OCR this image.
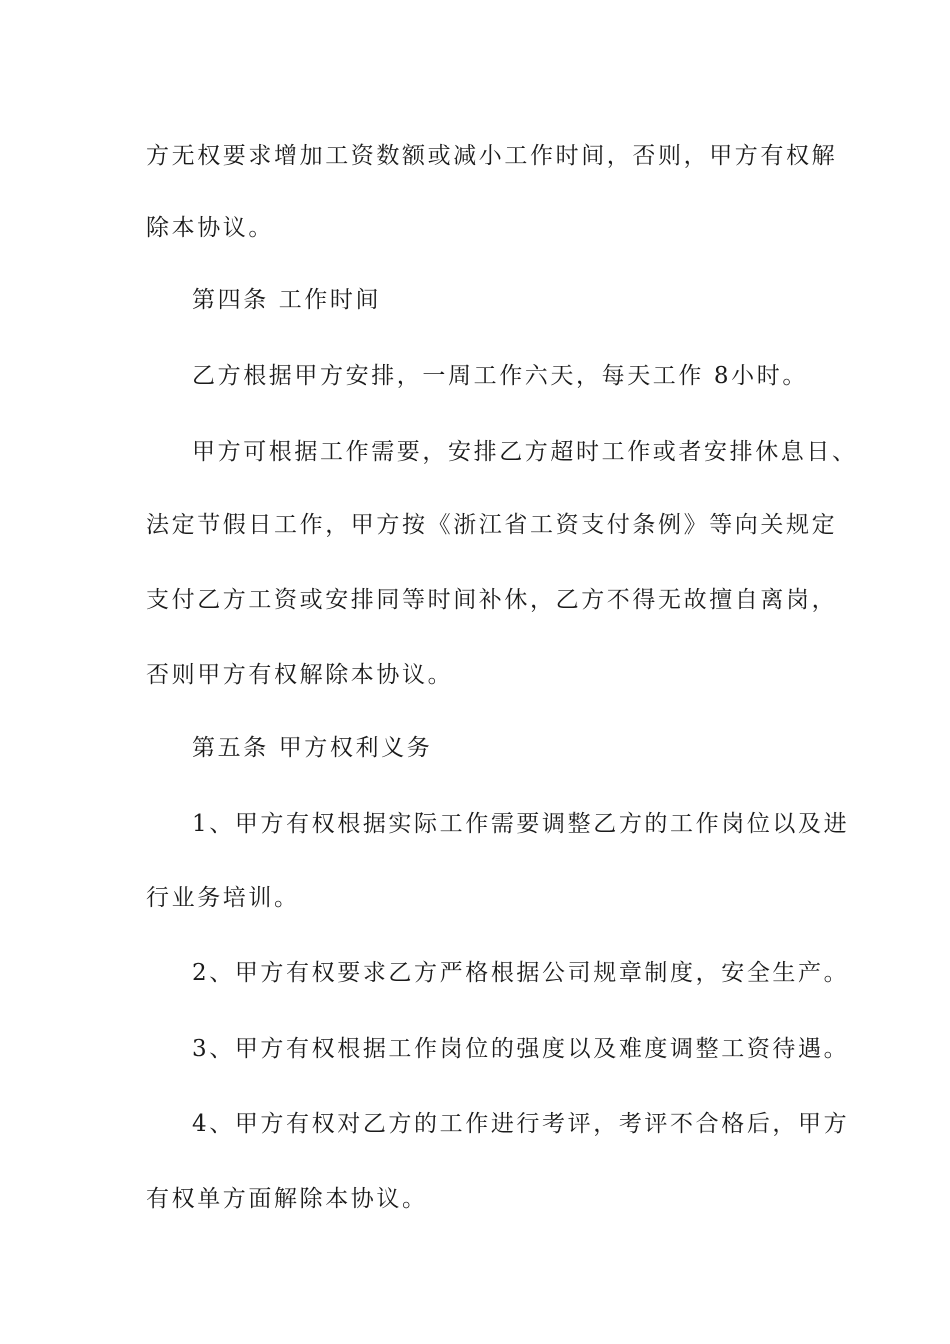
方无权要求增加工资数额或减小工作时间，否则，甲方有权解
除本协议。
第四条 工作时间
乙方根据甲方安排，一周工作六天，每天工作 8小时。
甲方可根据工作需要，安排乙方超时工作或者安排休息日、
法定节假日工作，甲方按《浙江省工资支付条例》等向关规定
支付乙方工资或安排同等时间补休，乙方不得无故擅自离岗，
否则甲方有权解除本协议。
第五条 甲方权利义务
1、甲方有权根据实际工作需要调整乙方的工作岗位以及进
行业务培训。
2、甲方有权要求乙方严格根据公司规章制度，安全生产。
3、甲方有权根据工作岗位的强度以及难度调整工资待遇。
4、甲方有权对乙方的工作进行考评，考评不合格后，甲方
有权单方面解除本协议。
